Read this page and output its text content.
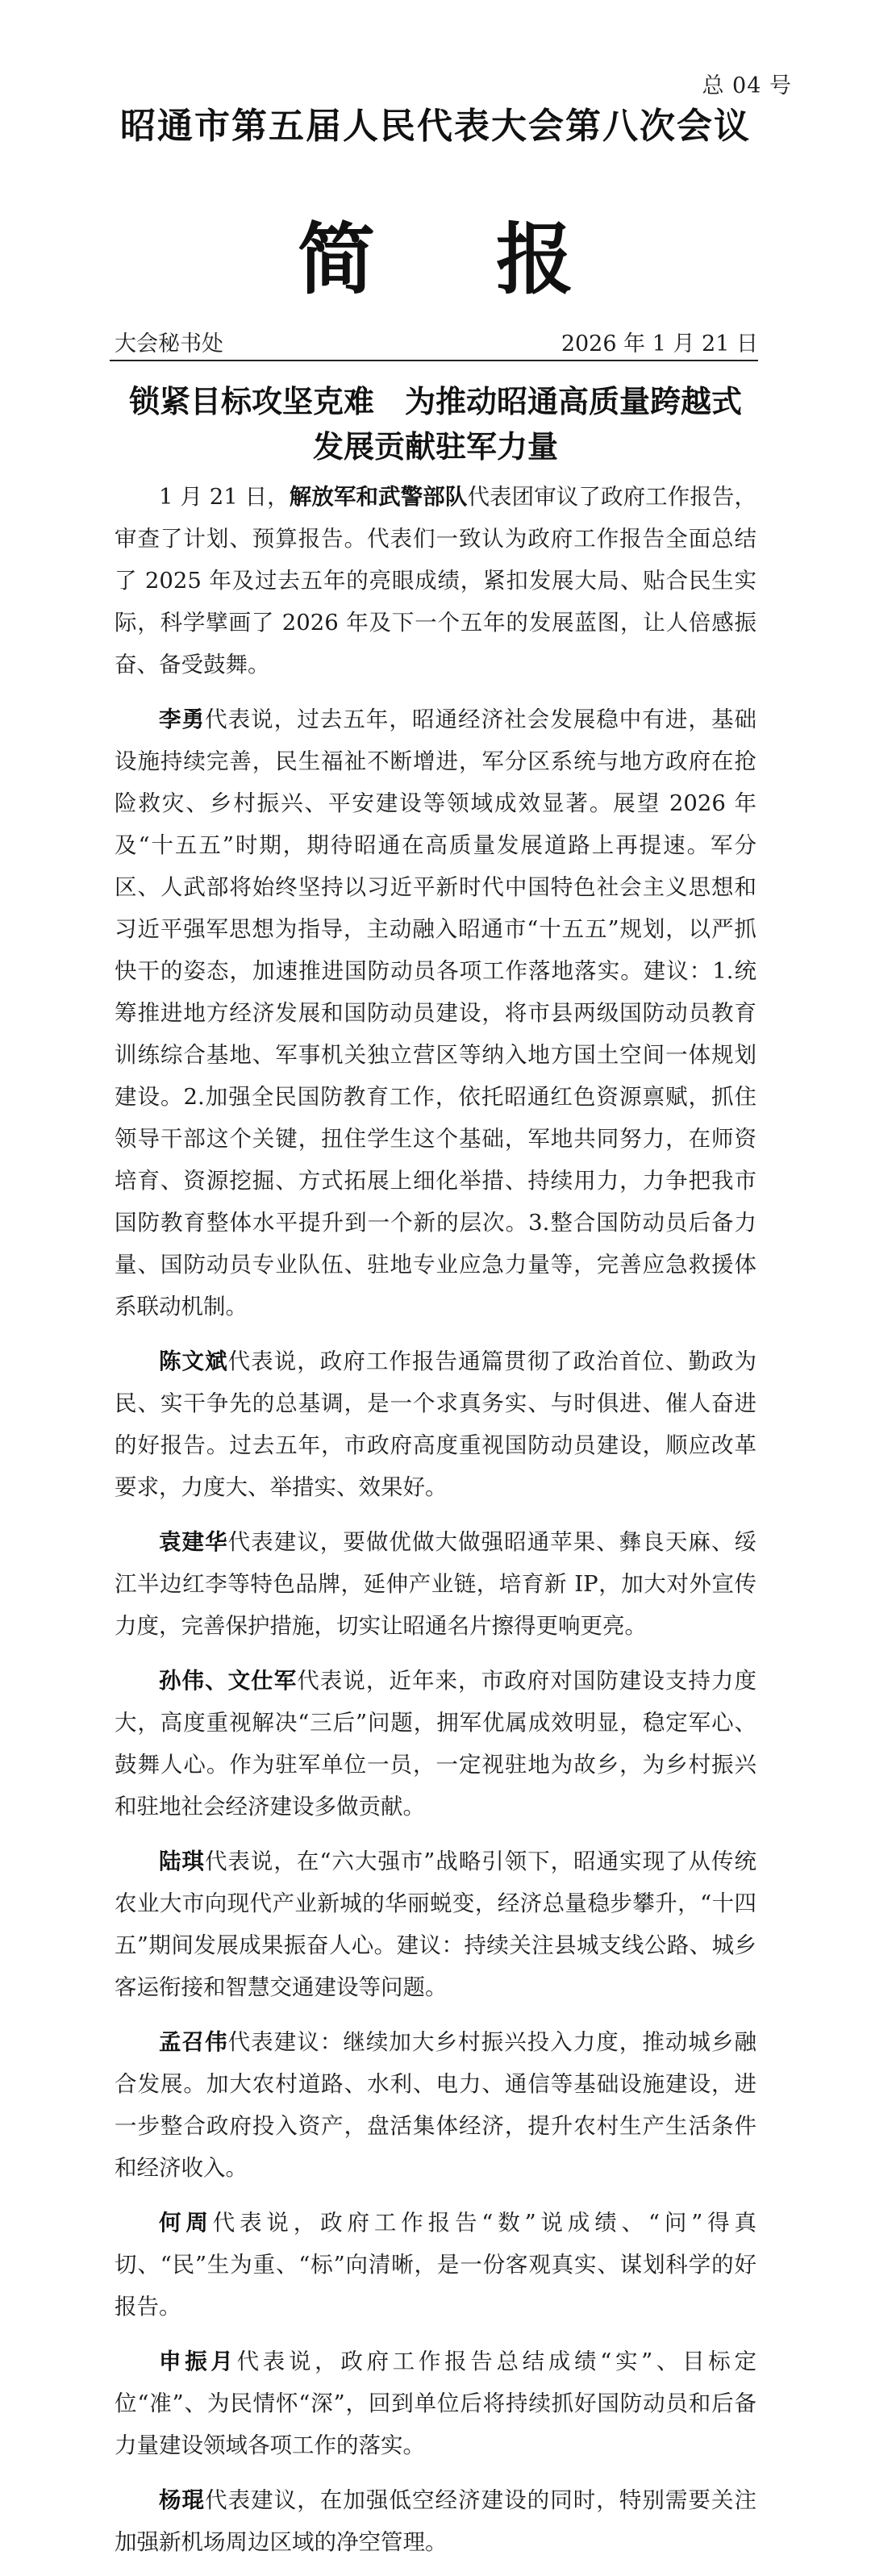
总 04 号
昭通市第五届人民代表大会第八次会议
简报
大会秘书处	2026 年 1 月 21 日
锁紧目标攻坚克难　为推动昭通高质量跨越式
发展贡献驻军力量

1 月 21 日，解放军和武警部队代表团审议了政府工作报告，审查了计划、预算报告。代表们一致认为政府工作报告全面总结了 2025 年及过去五年的亮眼成绩，紧扣发展大局、贴合民生实际，科学擘画了 2026 年及下一个五年的发展蓝图，让人倍感振奋、备受鼓舞。

李勇代表说，过去五年，昭通经济社会发展稳中有进，基础设施持续完善，民生福祉不断增进，军分区系统与地方政府在抢险救灾、乡村振兴、平安建设等领域成效显著。展望 2026 年及“十五五”时期，期待昭通在高质量发展道路上再提速。军分区、人武部将始终坚持以习近平新时代中国特色社会主义思想和习近平强军思想为指导，主动融入昭通市“十五五”规划，以严抓快干的姿态，加速推进国防动员各项工作落地落实。建议：1.统筹推进地方经济发展和国防动员建设，将市县两级国防动员教育训练综合基地、军事机关独立营区等纳入地方国土空间一体规划建设。2.加强全民国防教育工作，依托昭通红色资源禀赋，抓住领导干部这个关键，扭住学生这个基础，军地共同努力，在师资培育、资源挖掘、方式拓展上细化举措、持续用力，力争把我市国防教育整体水平提升到一个新的层次。3.整合国防动员后备力量、国防动员专业队伍、驻地专业应急力量等，完善应急救援体系联动机制。

陈文斌代表说，政府工作报告通篇贯彻了政治首位、勤政为民、实干争先的总基调，是一个求真务实、与时俱进、催人奋进的好报告。过去五年，市政府高度重视国防动员建设，顺应改革要求，力度大、举措实、效果好。

袁建华代表建议，要做优做大做强昭通苹果、彝良天麻、绥江半边红李等特色品牌，延伸产业链，培育新 IP，加大对外宣传力度，完善保护措施，切实让昭通名片擦得更响更亮。

孙伟、文仕军代表说，近年来，市政府对国防建设支持力度大，高度重视解决“三后”问题，拥军优属成效明显，稳定军心、鼓舞人心。作为驻军单位一员，一定视驻地为故乡，为乡村振兴和驻地社会经济建设多做贡献。

陆琪代表说，在“六大强市”战略引领下，昭通实现了从传统农业大市向现代产业新城的华丽蜕变，经济总量稳步攀升，“十四五”期间发展成果振奋人心。建议：持续关注县城支线公路、城乡客运衔接和智慧交通建设等问题。

孟召伟代表建议：继续加大乡村振兴投入力度，推动城乡融合发展。加大农村道路、水利、电力、通信等基础设施建设，进一步整合政府投入资产，盘活集体经济，提升农村生产生活条件和经济收入。

何周代表说，政府工作报告“数”说成绩、“问”得真切、“民”生为重、“标”向清晰，是一份客观真实、谋划科学的好报告。

申振月代表说，政府工作报告总结成绩“实”、目标定位“准”、为民情怀“深”，回到单位后将持续抓好国防动员和后备力量建设领域各项工作的落实。

杨琨代表建议，在加强低空经济建设的同时，特别需要关注加强新机场周边区域的净空管理。
